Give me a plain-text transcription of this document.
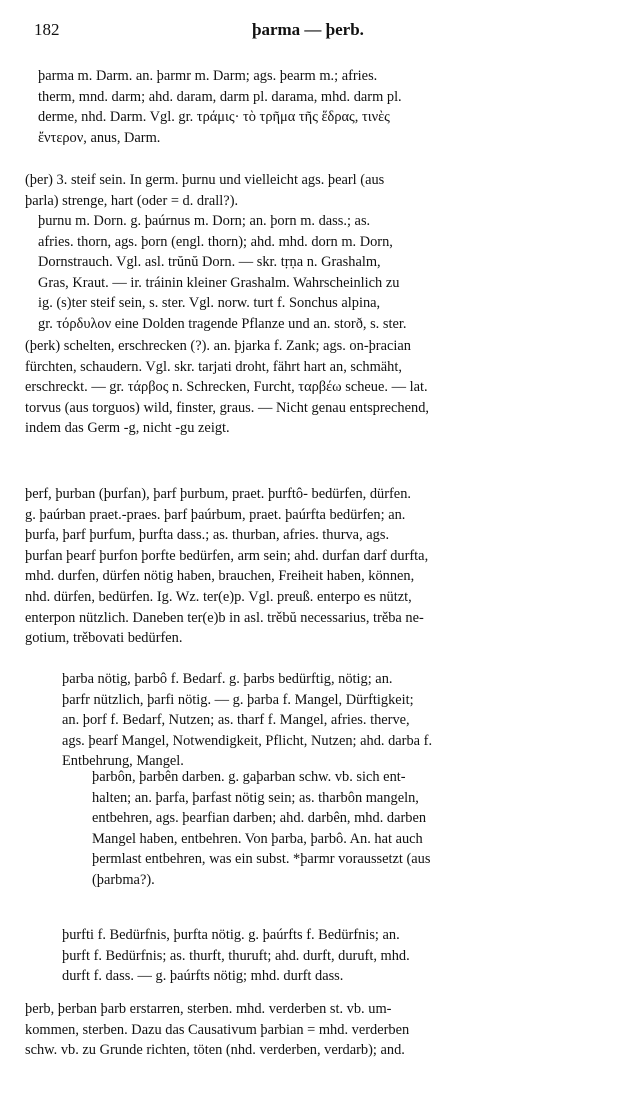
182	þarma — þerb.
þarma m. Darm. an. þarmr m. Darm; ags. þearm m.; afries.
therm, mnd. darm; ahd. daram, darm pl. darama, mhd. darm pl.
derme, nhd. Darm. Vgl. gr. τράμις· τὸ τρῆμα τῆς ἕδρας, τινὲς
ἔντερον, anus, Darm.
(þer) 3. steif sein. In germ. þurnu und vielleicht ags. þearl (aus
þarla) strenge, hart (oder = d. drall?).
þurnu m. Dorn. g. þaúrnus m. Dorn; an. þorn m. dass.; as.
afries. thorn, ags. þorn (engl. thorn); ahd. mhd. dorn m. Dorn,
Dornstrauch. Vgl. asl. trŭnŭ Dorn. — skr. tṛṇa n. Grashalm,
Gras, Kraut. — ir. tráinin kleiner Grashalm. Wahrscheinlich zu
ig. (s)ter steif sein, s. ster. Vgl. norw. turt f. Sonchus alpina,
gr. τόρδυλον eine Dolden tragende Pflanze und an. storð, s. ster.
(þerk) schelten, erschrecken (?). an. þjarka f. Zank; ags. on-þracian
fürchten, schaudern. Vgl. skr. tarjati droht, fährt hart an, schmäht,
erschreckt. — gr. τάρβος n. Schrecken, Furcht, ταρβέω scheue. — lat.
torvus (aus torguos) wild, finster, graus. — Nicht genau entsprechend,
indem das Germ -g, nicht -gu zeigt.
þerf, þurban (þurfan), þarf þurbum, praet. þurftô- bedürfen, dürfen.
g. þaúrban praet.-praes. þarf þaúrbum, praet. þaúrfta bedürfen; an.
þurfa, þarf þurfum, þurfta dass.; as. thurban, afries. thurva, ags.
þurfan þearf þurfon þorfte bedürfen, arm sein; ahd. durfan darf durfta,
mhd. durfen, dürfen nötig haben, brauchen, Freiheit haben, können,
nhd. dürfen, bedürfen. Ig. Wz. ter(e)p. Vgl. preuß. enterpo es nützt,
enterpon nützlich. Daneben ter(e)b in asl. trěbŭ necessarius, trěba ne-
gotium, trěbovati bedürfen.
þarba nötig, þarbô f. Bedarf. g. þarbs bedürftig, nötig; an.
þarfr nützlich, þarfi nötig. — g. þarba f. Mangel, Dürftigkeit;
an. þorf f. Bedarf, Nutzen; as. tharf f. Mangel, afries. therve,
ags. þearf Mangel, Notwendigkeit, Pflicht, Nutzen; ahd. darba f.
Entbehrung, Mangel.
þarbôn, þarbên darben. g. gaþarban schw. vb. sich ent-
halten; an. þarfa, þarfast nötig sein; as. tharbôn mangeln,
entbehren, ags. þearfian darben; ahd. darbên, mhd. darben
Mangel haben, entbehren. Von þarba, þarbô. An. hat auch
þermlast entbehren, was ein subst. *þarmr voraussetzt (aus
(þarbma?).
þurfti f. Bedürfnis, þurfta nötig. g. þaúrfts f. Bedürfnis; an.
þurft f. Bedürfnis; as. thurft, thuruft; ahd. durft, duruft, mhd.
durft f. dass. — g. þaúrfts nötig; mhd. durft dass.
þerb, þerban þarb erstarren, sterben. mhd. verderben st. vb. um-
kommen, sterben. Dazu das Causativum þarbian = mhd. verderben
schw. vb. zu Grunde richten, töten (nhd. verderben, verdarb); and.
